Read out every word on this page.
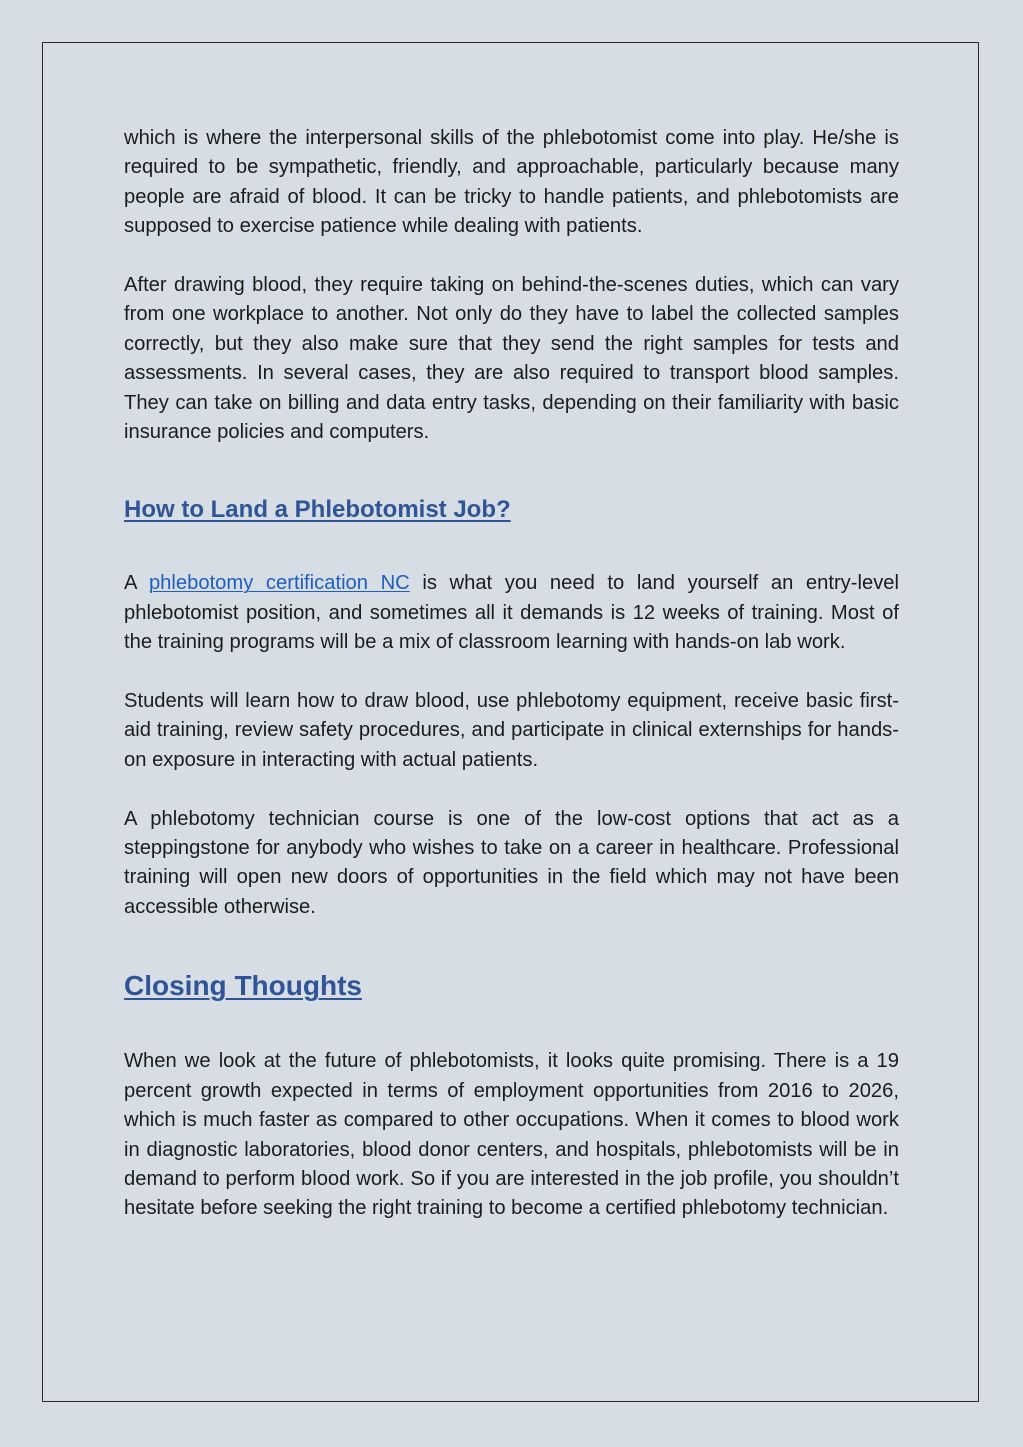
which is where the interpersonal skills of the phlebotomist come into play. He/she is required to be sympathetic, friendly, and approachable, particularly because many people are afraid of blood. It can be tricky to handle patients, and phlebotomists are supposed to exercise patience while dealing with patients.

After drawing blood, they require taking on behind-the-scenes duties, which can vary from one workplace to another. Not only do they have to label the collected samples correctly, but they also make sure that they send the right samples for tests and assessments. In several cases, they are also required to transport blood samples. They can take on billing and data entry tasks, depending on their familiarity with basic insurance policies and computers.

How to Land a Phlebotomist Job?

A phlebotomy certification NC is what you need to land yourself an entry-level phlebotomist position, and sometimes all it demands is 12 weeks of training. Most of the training programs will be a mix of classroom learning with hands-on lab work.

Students will learn how to draw blood, use phlebotomy equipment, receive basic first-aid training, review safety procedures, and participate in clinical externships for hands-on exposure in interacting with actual patients.

A phlebotomy technician course is one of the low-cost options that act as a steppingstone for anybody who wishes to take on a career in healthcare. Professional training will open new doors of opportunities in the field which may not have been accessible otherwise.

Closing Thoughts

When we look at the future of phlebotomists, it looks quite promising. There is a 19 percent growth expected in terms of employment opportunities from 2016 to 2026, which is much faster as compared to other occupations. When it comes to blood work in diagnostic laboratories, blood donor centers, and hospitals, phlebotomists will be in demand to perform blood work. So if you are interested in the job profile, you shouldn’t hesitate before seeking the right training to become a certified phlebotomy technician.
